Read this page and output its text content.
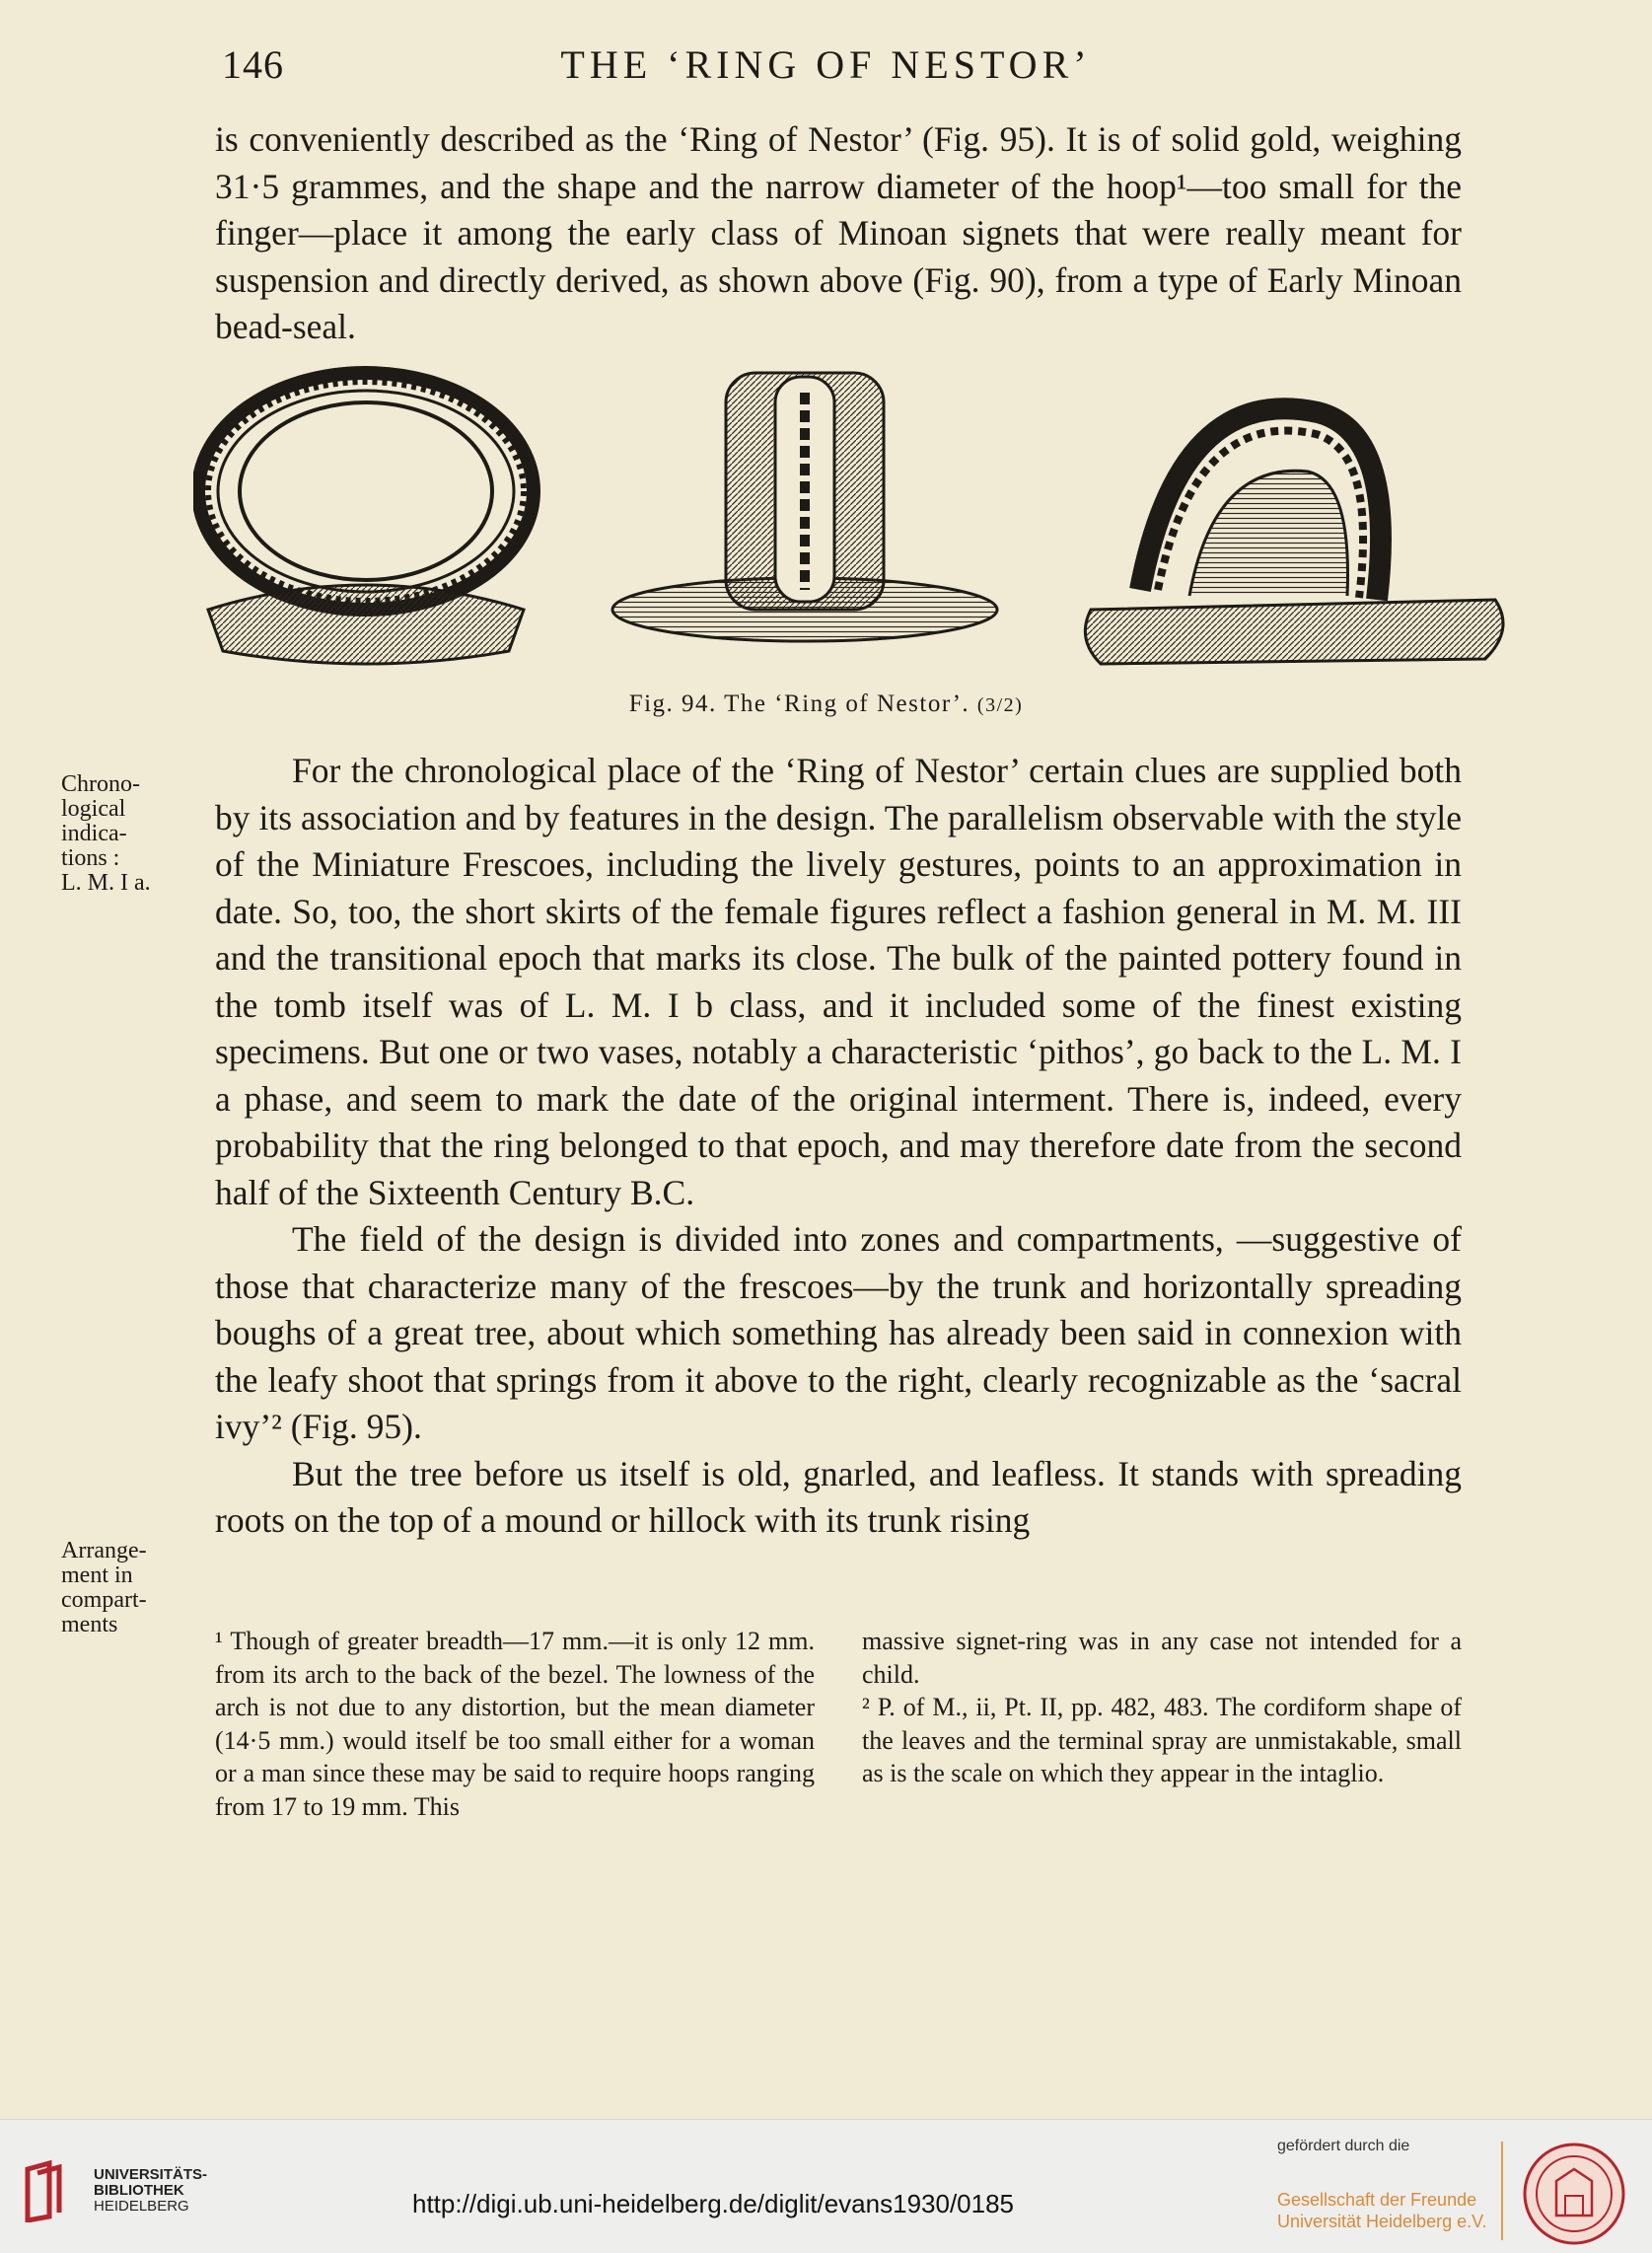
146	THE ‘RING OF NESTOR’

is conveniently described as the ‘Ring of Nestor’ (Fig. 95). It is of solid gold, weighing 31·5 grammes, and the shape and the narrow diameter of the hoop¹—too small for the finger—place it among the early class of Minoan signets that were really meant for suspension and directly derived, as shown above (Fig. 90), from a type of Early Minoan bead-seal.

Fig. 94. The ‘Ring of Nestor’. (3/2)
Chrono-
logical
indica-
tions :
L. M. I a.
Arrange-
ment in
compart-
ments

For the chronological place of the ‘Ring of Nestor’ certain clues are supplied both by its association and by features in the design. The parallelism observable with the style of the Miniature Frescoes, including the lively gestures, points to an approximation in date. So, too, the short skirts of the female figures reflect a fashion general in M. M. III and the transitional epoch that marks its close. The bulk of the painted pottery found in the tomb itself was of L. M. I b class, and it included some of the finest existing specimens. But one or two vases, notably a characteristic ‘pithos’, go back to the L. M. I a phase, and seem to mark the date of the original interment. There is, indeed, every probability that the ring belonged to that epoch, and may therefore date from the second half of the Sixteenth Century B.C.

The field of the design is divided into zones and compartments, —suggestive of those that characterize many of the frescoes—by the trunk and horizontally spreading boughs of a great tree, about which something has already been said in connexion with the leafy shoot that springs from it above to the right, clearly recognizable as the ‘sacral ivy’² (Fig. 95).

But the tree before us itself is old, gnarled, and leafless. It stands with spreading roots on the top of a mound or hillock with its trunk rising

¹ Though of greater breadth—17 mm.—it is only 12 mm. from its arch to the back of the bezel. The lowness of the arch is not due to any distortion, but the mean diameter (14·5 mm.) would itself be too small either for a woman or a man since these may be said to require hoops ranging from 17 to 19 mm. This

massive signet-ring was in any case not intended for a child.

² P. of M., ii, Pt. II, pp. 482, 483. The cordiform shape of the leaves and the terminal spray are unmistakable, small as is the scale on which they appear in the intaglio.

UNIVERSITÄTS-
BIBLIOTHEK
HEIDELBERG	http://digi.ub.uni-heidelberg.de/diglit/evans1930/0185
gefördert durch die
Gesellschaft der Freunde
Universität Heidelberg e.V.
